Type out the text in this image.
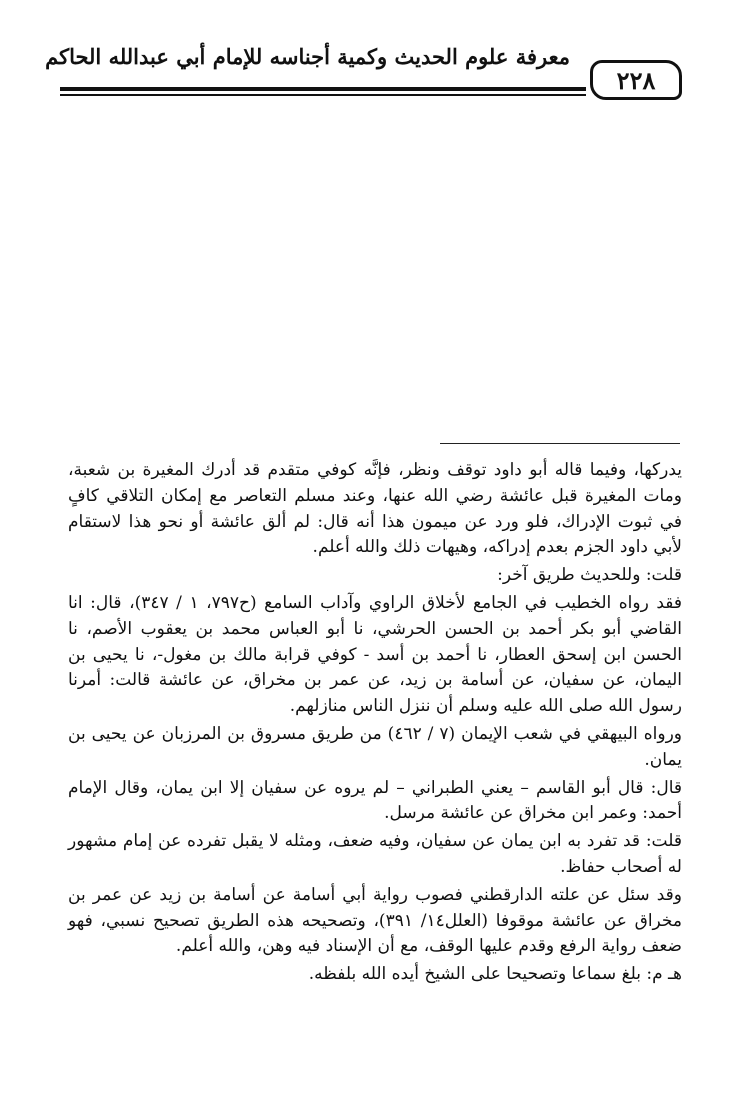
معرفة علوم الحديث وكمية أجناسه للإمام أبي عبدالله الحاكم
٢٢٨

يدركها، وفيما قاله أبو داود توقف ونظر، فإنَّه كوفي متقدم قد أدرك المغيرة بن شعبة، ومات المغيرة قبل عائشة رضي الله عنها، وعند مسلم التعاصر مع إمكان التلاقي كافٍ في ثبوت الإدراك، فلو ورد عن ميمون هذا أنه قال: لم ألق عائشة أو نحو هذا لاستقام لأبي داود الجزم بعدم إدراكه، وهيهات ذلك والله أعلم.

قلت: وللحديث طريق آخر:

فقد رواه الخطيب في الجامع لأخلاق الراوي وآداب السامع (ح٧٩٧، ١ / ٣٤٧)، قال: انا القاضي أبو بكر أحمد بن الحسن الحرشي، نا أبو العباس محمد بن يعقوب الأصم، نا الحسن ابن إسحق العطار، نا أحمد بن أسد - كوفي قرابة مالك بن مغول-، نا يحيى بن اليمان، عن سفيان، عن أسامة بن زيد، عن عمر بن مخراق، عن عائشة قالت: أمرنا رسول الله صلى الله عليه وسلم أن ننزل الناس منازلهم.

ورواه البيهقي في شعب الإيمان (٧ / ٤٦٢) من طريق مسروق بن المرزبان عن يحيى بن يمان.

قال: قال أبو القاسم – يعني الطبراني – لم يروه عن سفيان إلا ابن يمان، وقال الإمام أحمد: وعمر ابن مخراق عن عائشة مرسل.

قلت: قد تفرد به ابن يمان عن سفيان، وفيه ضعف، ومثله لا يقبل تفرده عن إمام مشهور له أصحاب حفاظ.

وقد سئل عن علته الدارقطني فصوب رواية أبي أسامة عن أسامة بن زيد عن عمر بن مخراق عن عائشة موقوفا (العلل١٤/ ٣٩١)، وتصحيحه هذه الطريق تصحيح نسبي، فهو ضعف رواية الرفع وقدم عليها الوقف، مع أن الإسناد فيه وهن، والله أعلم.

هـ م: بلغ سماعا وتصحيحا على الشيخ أيده الله بلفظه.
